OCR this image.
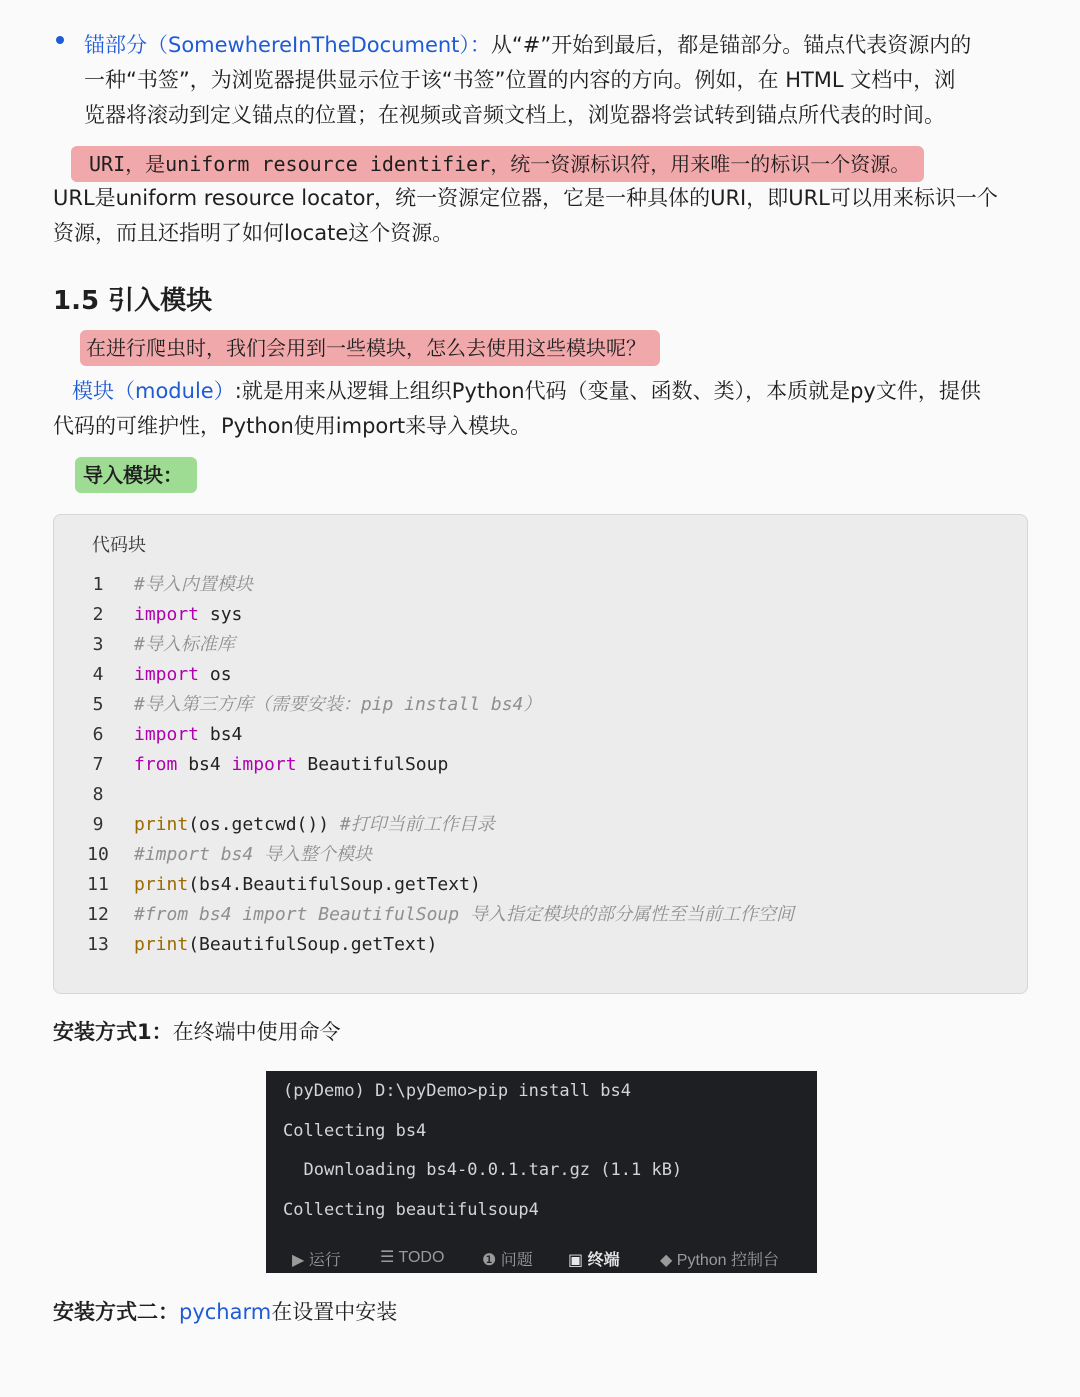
锚部分（SomewhereInTheDocument）：从“#”开始到最后，都是锚部分。锚点代表资源内的
一种“书签”，为浏览器提供显示位于该“书签”位置的内容的方向。例如，在 HTML 文档中，浏
览器将滚动到定义锚点的位置；在视频或音频文档上，浏览器将尝试转到锚点所代表的时间。
URI，是uniform resource identifier，统一资源标识符，用来唯一的标识一个资源。
URL是uniform resource locator，统一资源定位器，它是一种具体的URI，即URL可以用来标识一个
资源，而且还指明了如何locate这个资源。
1.5 引入模块
在进行爬虫时，我们会用到一些模块，怎么去使用这些模块呢？
模块（module）:就是用来从逻辑上组织Python代码（变量、函数、类），本质就是py文件，提供
代码的可维护性，Python使用import来导入模块。
导入模块：
代码块
1	#导入内置模块
2	import sys
3	#导入标准库
4	import os
5	#导入第三方库（需要安装：pip install bs4）
6	import bs4
7	from bs4 import BeautifulSoup
8
9	print(os.getcwd()) #打印当前工作目录
10	#import bs4 导入整个模块
11	print(bs4.BeautifulSoup.getText)
12	#from bs4 import BeautifulSoup 导入指定模块的部分属性至当前工作空间
13	print(BeautifulSoup.getText)
安装方式1：在终端中使用命令
(pyDemo) D:\pyDemo>pip install bs4
Collecting bs4
Downloading bs4-0.0.1.tar.gz (1.1 kB)
Collecting beautifulsoup4
▶ 运行 ☰ TODO ❶ 问题 ▣ 终端	◆ Python 控制台
安装方式二：pycharm在设置中安装
